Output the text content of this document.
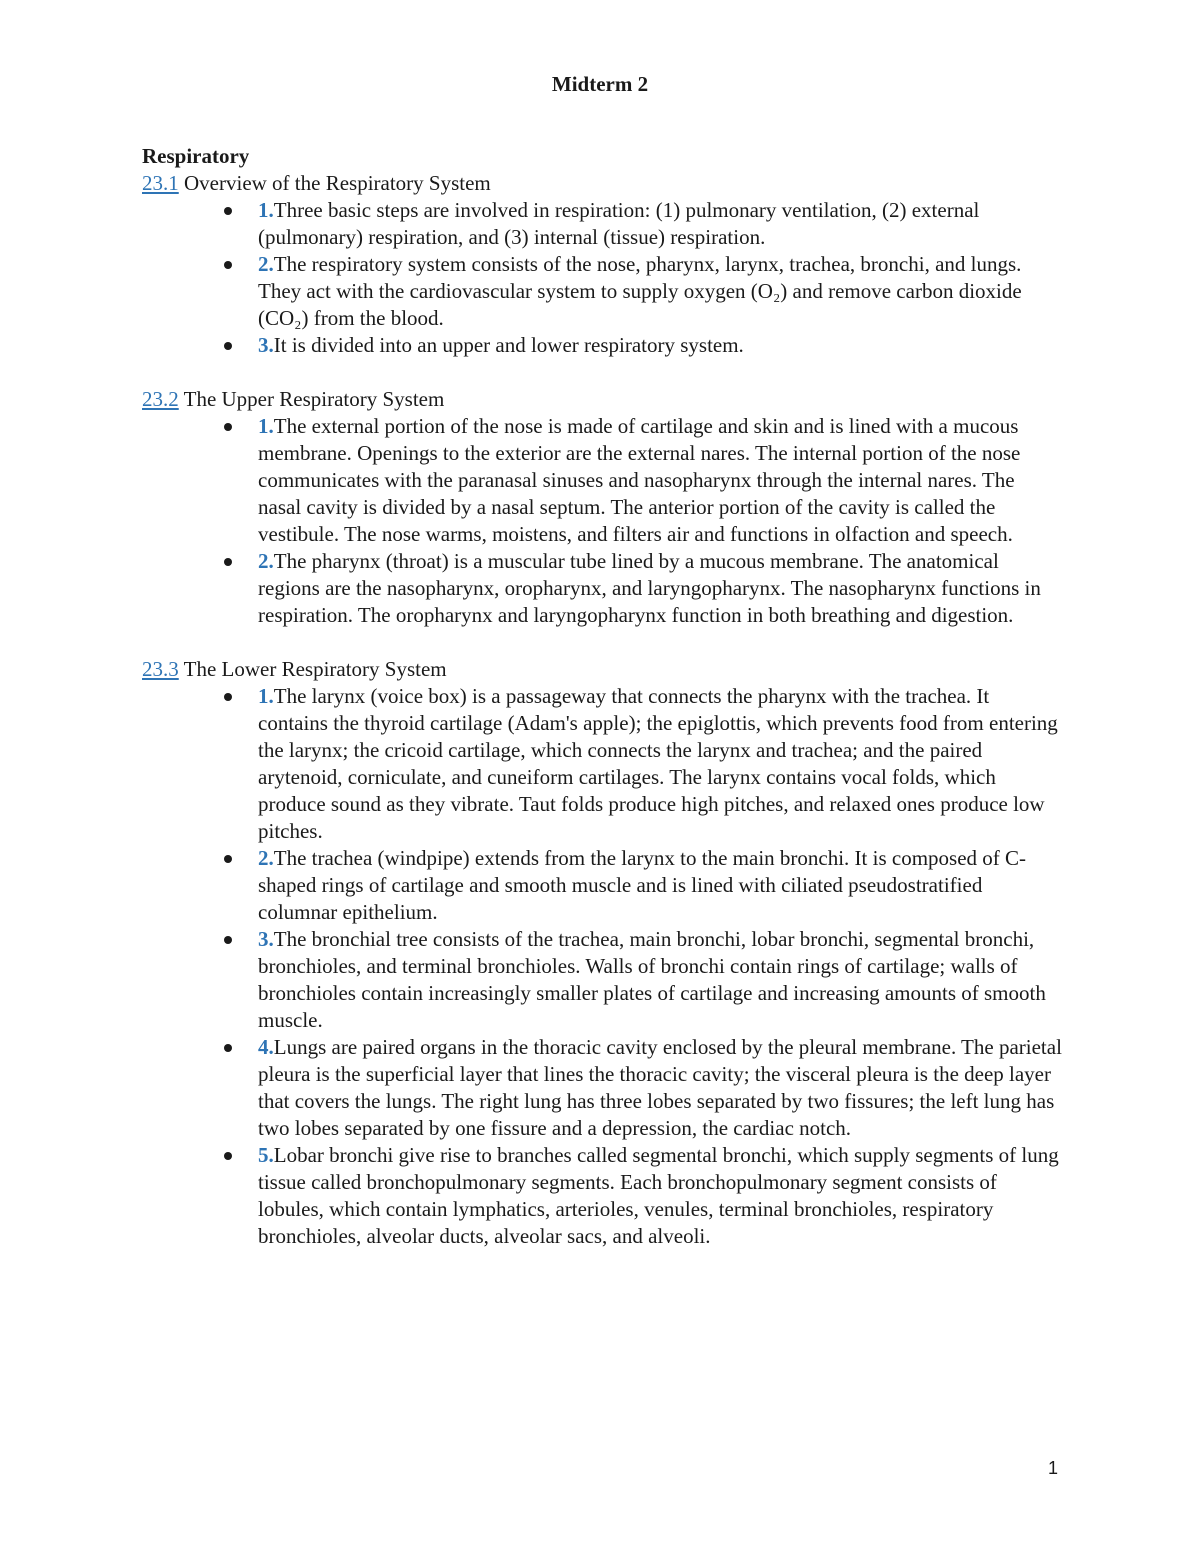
Midterm 2
Respiratory
23.1 Overview of the Respiratory System
1.Three basic steps are involved in respiration: (1) pulmonary ventilation, (2) external (pulmonary) respiration, and (3) internal (tissue) respiration.
2.The respiratory system consists of the nose, pharynx, larynx, trachea, bronchi, and lungs. They act with the cardiovascular system to supply oxygen (O₂) and remove carbon dioxide (CO₂) from the blood.
3.It is divided into an upper and lower respiratory system.
23.2 The Upper Respiratory System
1.The external portion of the nose is made of cartilage and skin and is lined with a mucous membrane. Openings to the exterior are the external nares. The internal portion of the nose communicates with the paranasal sinuses and nasopharynx through the internal nares. The nasal cavity is divided by a nasal septum. The anterior portion of the cavity is called the vestibule. The nose warms, moistens, and filters air and functions in olfaction and speech.
2.The pharynx (throat) is a muscular tube lined by a mucous membrane. The anatomical regions are the nasopharynx, oropharynx, and laryngopharynx. The nasopharynx functions in respiration. The oropharynx and laryngopharynx function in both breathing and digestion.
23.3 The Lower Respiratory System
1.The larynx (voice box) is a passageway that connects the pharynx with the trachea. It contains the thyroid cartilage (Adam's apple); the epiglottis, which prevents food from entering the larynx; the cricoid cartilage, which connects the larynx and trachea; and the paired arytenoid, corniculate, and cuneiform cartilages. The larynx contains vocal folds, which produce sound as they vibrate. Taut folds produce high pitches, and relaxed ones produce low pitches.
2.The trachea (windpipe) extends from the larynx to the main bronchi. It is composed of C-shaped rings of cartilage and smooth muscle and is lined with ciliated pseudostratified columnar epithelium.
3.The bronchial tree consists of the trachea, main bronchi, lobar bronchi, segmental bronchi, bronchioles, and terminal bronchioles. Walls of bronchi contain rings of cartilage; walls of bronchioles contain increasingly smaller plates of cartilage and increasing amounts of smooth muscle.
4.Lungs are paired organs in the thoracic cavity enclosed by the pleural membrane. The parietal pleura is the superficial layer that lines the thoracic cavity; the visceral pleura is the deep layer that covers the lungs. The right lung has three lobes separated by two fissures; the left lung has two lobes separated by one fissure and a depression, the cardiac notch.
5.Lobar bronchi give rise to branches called segmental bronchi, which supply segments of lung tissue called bronchopulmonary segments. Each bronchopulmonary segment consists of lobules, which contain lymphatics, arterioles, venules, terminal bronchioles, respiratory bronchioles, alveolar ducts, alveolar sacs, and alveoli.
1
